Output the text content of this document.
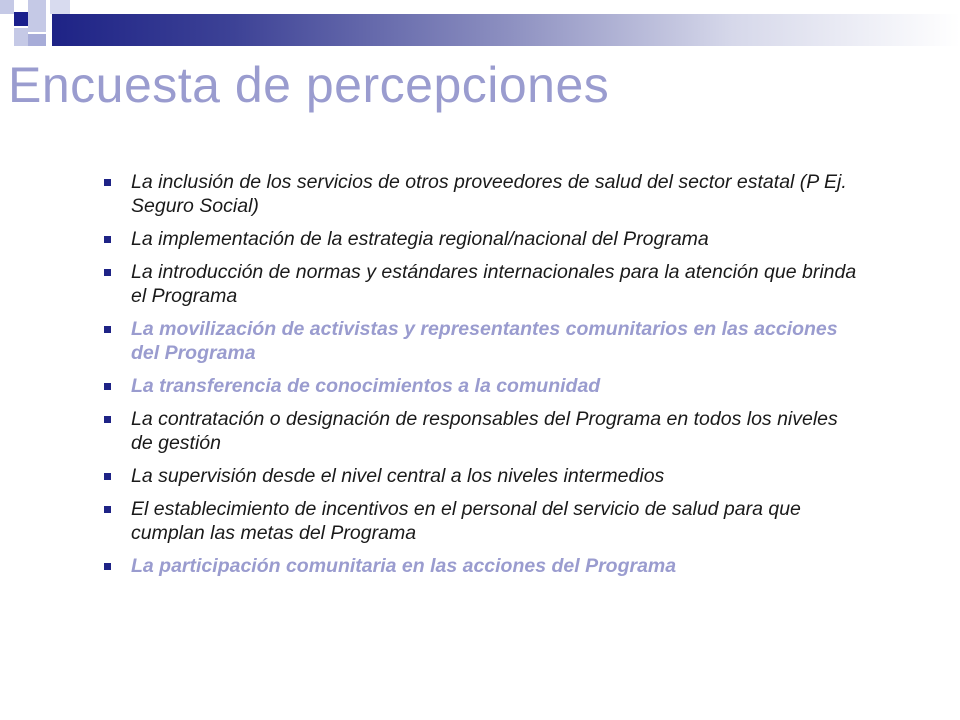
Encuesta de percepciones
La inclusión de los servicios de otros proveedores de salud del sector estatal (P Ej. Seguro Social)
La implementación de la estrategia regional/nacional del Programa
La introducción de normas y estándares internacionales para la atención que brinda el Programa
La movilización de activistas y representantes comunitarios en las acciones del Programa
La transferencia de conocimientos a la comunidad
La contratación o designación de responsables del Programa en todos los niveles de gestión
La supervisión desde el nivel central a los niveles intermedios
El establecimiento de incentivos en el personal del servicio de salud para que cumplan las metas del Programa
La participación comunitaria en las acciones del Programa
